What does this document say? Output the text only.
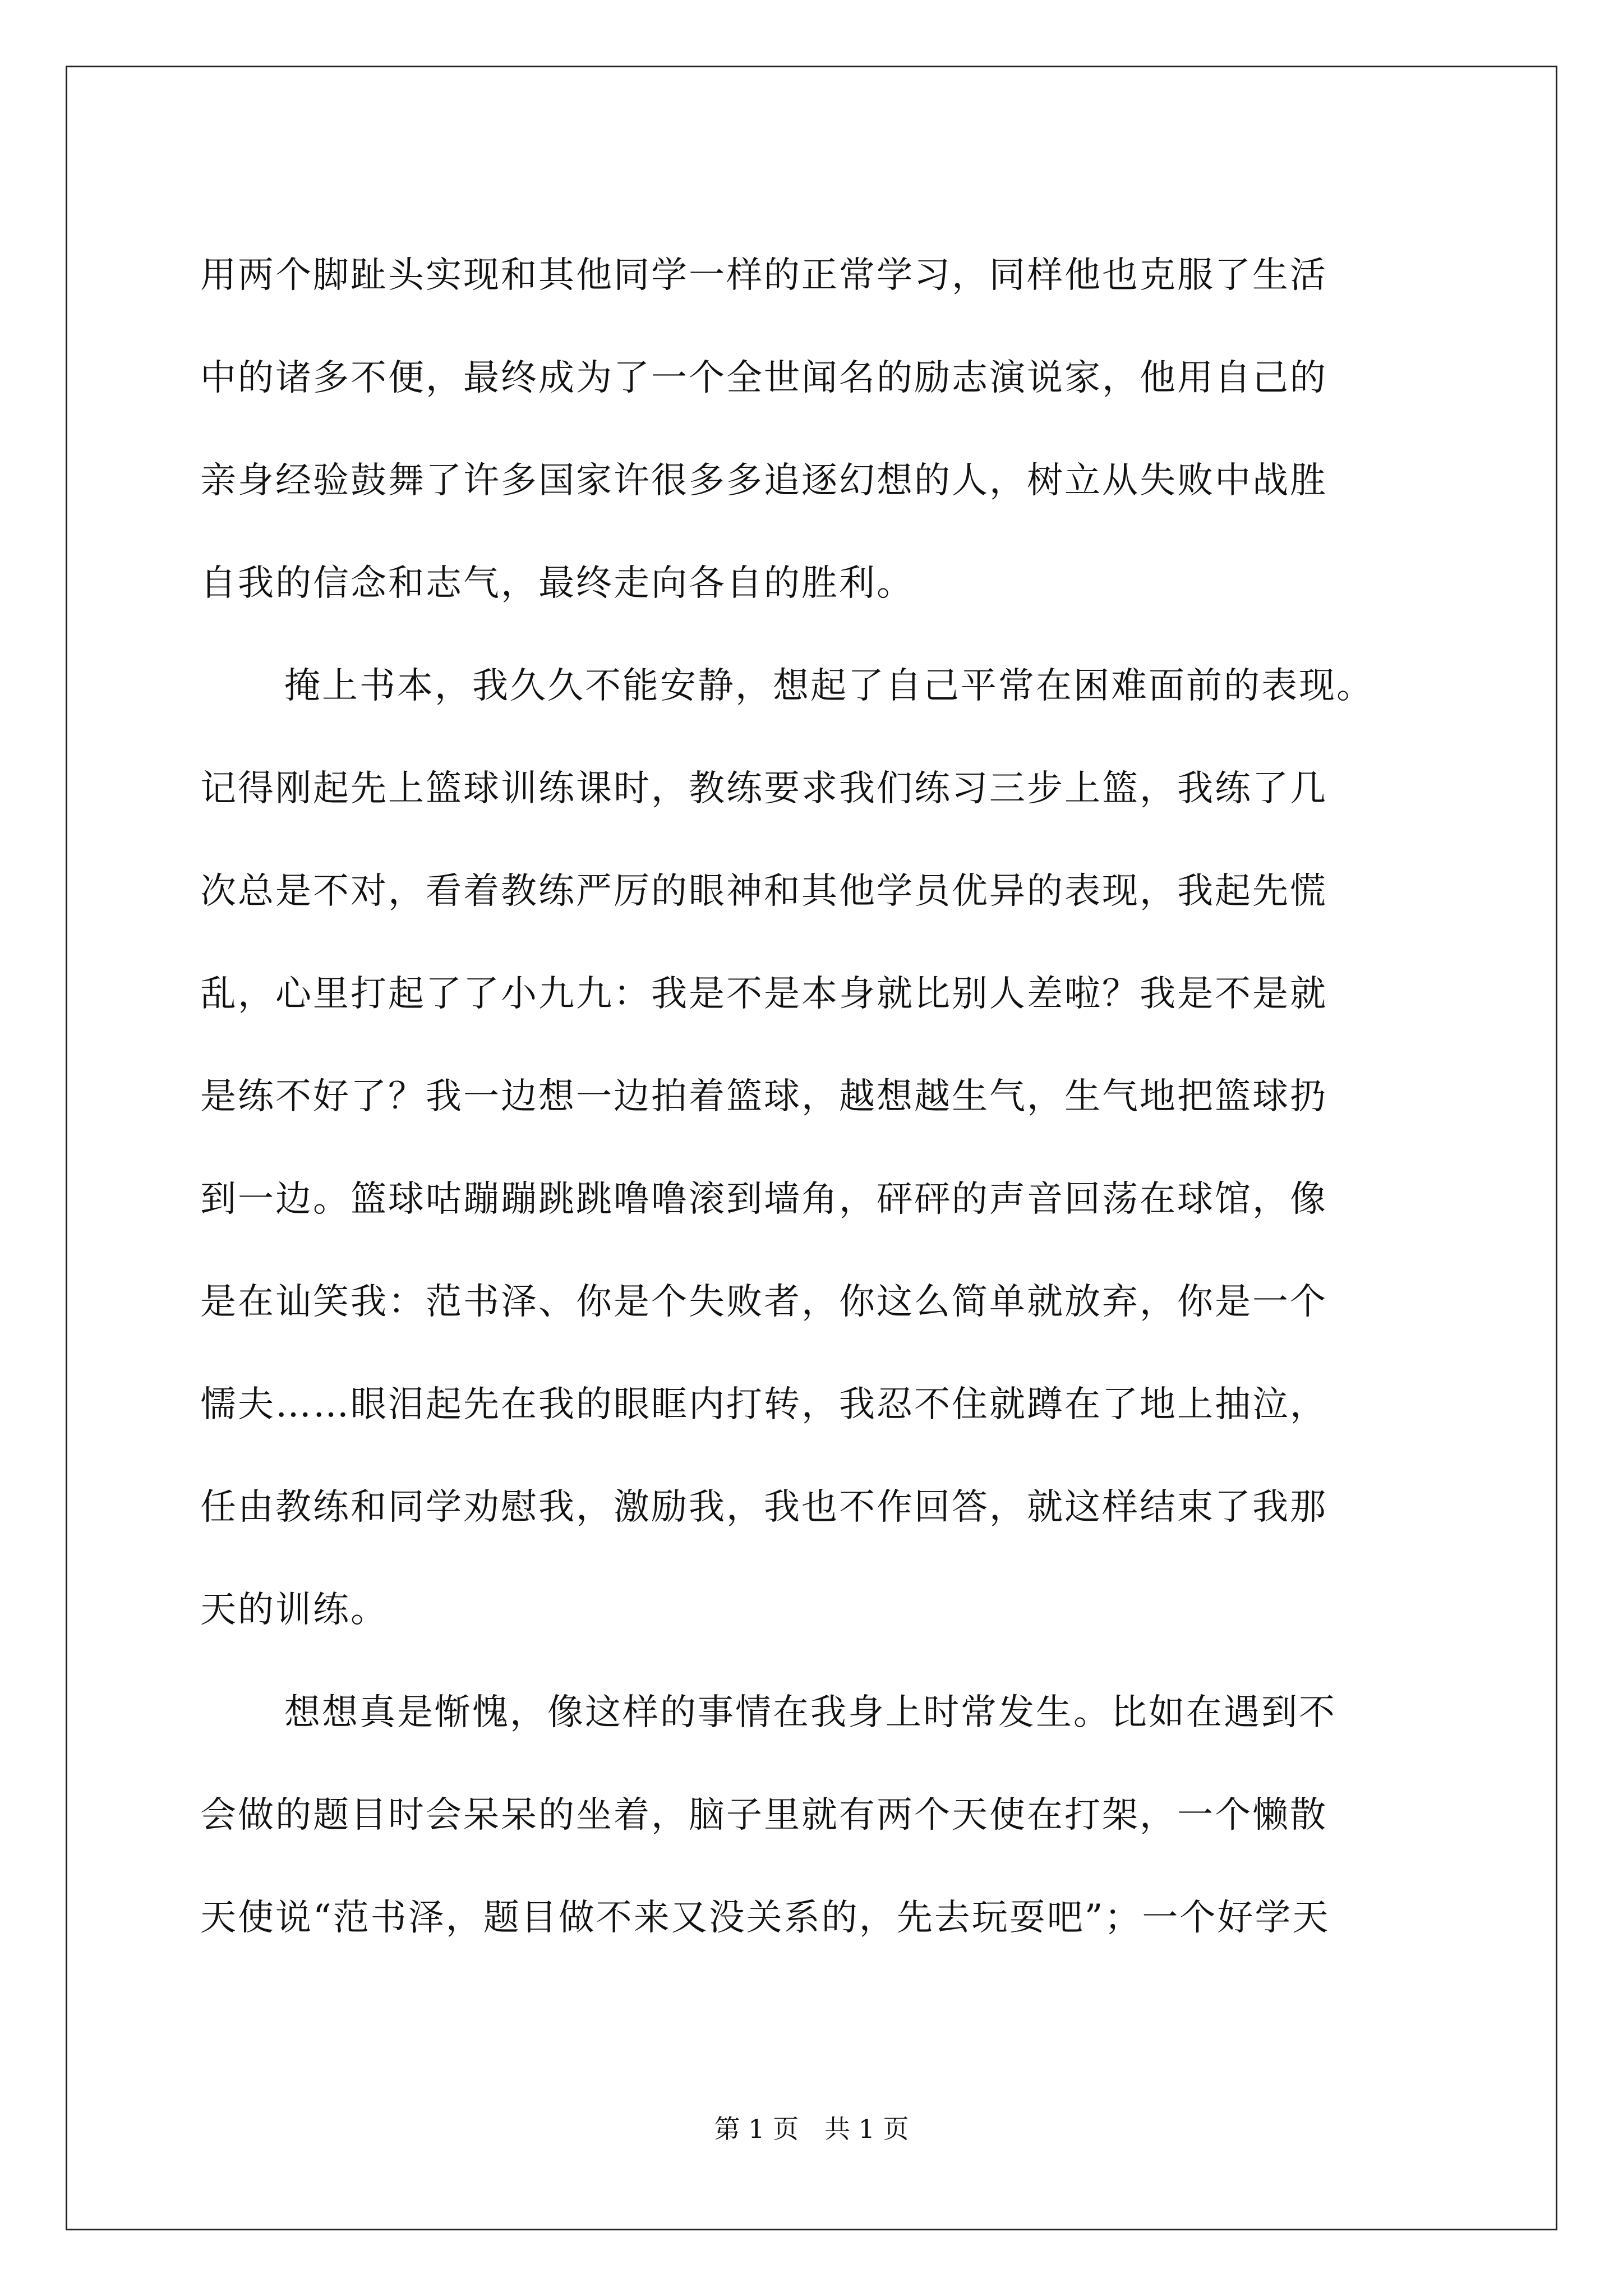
用两个脚趾头实现和其他同学一样的正常学习，同样他也克服了生活
中的诸多不便，最终成为了一个全世闻名的励志演说家，他用自己的
亲身经验鼓舞了许多国家许很多多追逐幻想的人，树立从失败中战胜
自我的信念和志气，最终走向各自的胜利。
掩上书本，我久久不能安静，想起了自己平常在困难面前的表现。
记得刚起先上篮球训练课时，教练要求我们练习三步上篮，我练了几
次总是不对，看着教练严厉的眼神和其他学员优异的表现，我起先慌
乱，心里打起了了小九九：我是不是本身就比别人差啦？我是不是就
是练不好了？我一边想一边拍着篮球，越想越生气，生气地把篮球扔
到一边。篮球咕蹦蹦跳跳噜噜滚到墙角，砰砰的声音回荡在球馆，像
是在讪笑我：范书泽、你是个失败者，你这么简单就放弃，你是一个
懦夫……眼泪起先在我的眼眶内打转，我忍不住就蹲在了地上抽泣，
任由教练和同学劝慰我，激励我，我也不作回答，就这样结束了我那
天的训练。
想想真是惭愧，像这样的事情在我身上时常发生。比如在遇到不
会做的题目时会呆呆的坐着，脑子里就有两个天使在打架，一个懒散
天使说“范书泽，题目做不来又没关系的，先去玩耍吧”；一个好学天
第 1 页　共 1 页
